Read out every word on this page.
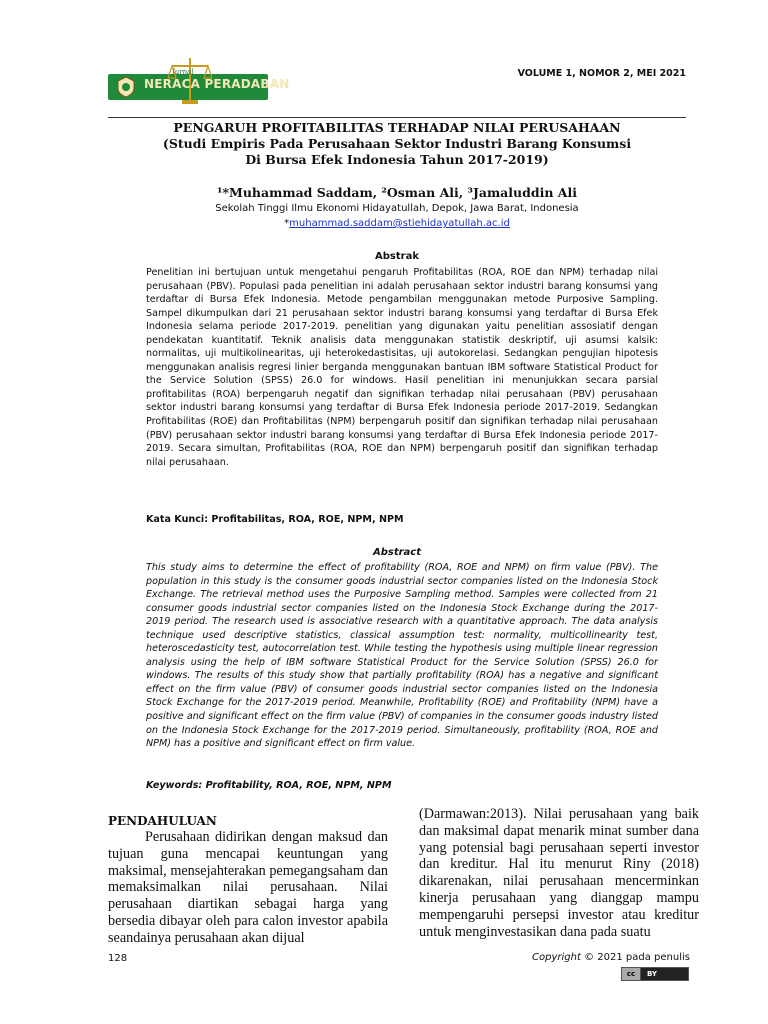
Jurnal
NERACA PERADABAN
VOLUME 1, NOMOR 2, MEI 2021
PENGARUH PROFITABILITAS TERHADAP NILAI PERUSAHAAN
(Studi Empiris Pada Perusahaan Sektor Industri Barang Konsumsi
Di Bursa Efek Indonesia Tahun 2017-2019)
¹*Muhammad Saddam, ²Osman Ali, ³Jamaluddin Ali
Sekolah Tinggi Ilmu Ekonomi Hidayatullah, Depok, Jawa Barat, Indonesia
*muhammad.saddam@stiehidayatullah.ac.id
Abstrak
Penelitian ini bertujuan untuk mengetahui pengaruh Profitabilitas (ROA, ROE dan NPM) terhadap nilai perusahaan (PBV). Populasi pada penelitian ini adalah perusahaan sektor industri barang konsumsi yang terdaftar di Bursa Efek Indonesia. Metode pengambilan menggunakan metode Purposive Sampling. Sampel dikumpulkan dari 21 perusahaan sektor industri barang konsumsi yang terdaftar di Bursa Efek Indonesia selama periode 2017-2019. penelitian yang digunakan yaitu penelitian assosiatif dengan pendekatan kuantitatif. Teknik analisis data menggunakan statistik deskriptif, uji asumsi kalsik: normalitas, uji multikolinearitas, uji heterokedastisitas, uji autokorelasi. Sedangkan pengujian hipotesis menggunakan analisis regresi linier berganda menggunakan bantuan IBM software Statistical Product for the Service Solution (SPSS) 26.0 for windows. Hasil penelitian ini menunjukkan secara parsial profitabilitas (ROA) berpengaruh negatif dan signifikan terhadap nilai perusahaan (PBV) perusahaan sektor industri barang konsumsi yang terdaftar di Bursa Efek Indonesia periode 2017-2019. Sedangkan Profitabilitas (ROE) dan Profitabilitas (NPM) berpengaruh positif dan signifikan terhadap nilai perusahaan (PBV) perusahaan sektor industri barang konsumsi yang terdaftar di Bursa Efek Indonesia periode 2017-2019. Secara simultan, Profitabilitas (ROA, ROE dan NPM) berpengaruh positif dan signifikan terhadap nilai perusahaan.
Kata Kunci: Profitabilitas, ROA, ROE, NPM, NPM
Abstract
This study aims to determine the effect of profitability (ROA, ROE and NPM) on firm value (PBV). The population in this study is the consumer goods industrial sector companies listed on the Indonesia Stock Exchange. The retrieval method uses the Purposive Sampling method. Samples were collected from 21 consumer goods industrial sector companies listed on the Indonesia Stock Exchange during the 2017-2019 period. The research used is associative research with a quantitative approach. The data analysis technique used descriptive statistics, classical assumption test: normality, multicollinearity test, heteroscedasticity test, autocorrelation test. While testing the hypothesis using multiple linear regression analysis using the help of IBM software Statistical Product for the Service Solution (SPSS) 26.0 for windows. The results of this study show that partially profitability (ROA) has a negative and significant effect on the firm value (PBV) of consumer goods industrial sector companies listed on the Indonesia Stock Exchange for the 2017-2019 period. Meanwhile, Profitability (ROE) and Profitability (NPM) have a positive and significant effect on the firm value (PBV) of companies in the consumer goods industry listed on the Indonesia Stock Exchange for the 2017-2019 period. Simultaneously, profitability (ROA, ROE and NPM) has a positive and significant effect on firm value.
Keywords: Profitability, ROA, ROE, NPM, NPM
PENDAHULUAN
Perusahaan didirikan dengan maksud dan tujuan guna mencapai keuntungan yang maksimal, mensejahterakan pemegangsaham dan memaksimalkan nilai perusahaan. Nilai perusahaan diartikan sebagai harga yang bersedia dibayar oleh para calon investor apabila seandainya perusahaan akan dijual
(Darmawan:2013). Nilai perusahaan yang baik dan maksimal dapat menarik minat sumber dana yang potensial bagi perusahaan seperti investor dan kreditur. Hal itu menurut Riny (2018) dikarenakan, nilai perusahaan mencerminkan kinerja perusahaan yang dianggap mampu mempengaruhi persepsi investor atau kreditur untuk menginvestasikan dana pada suatu
128	Copyright © 2021 pada penulis
cc BY
